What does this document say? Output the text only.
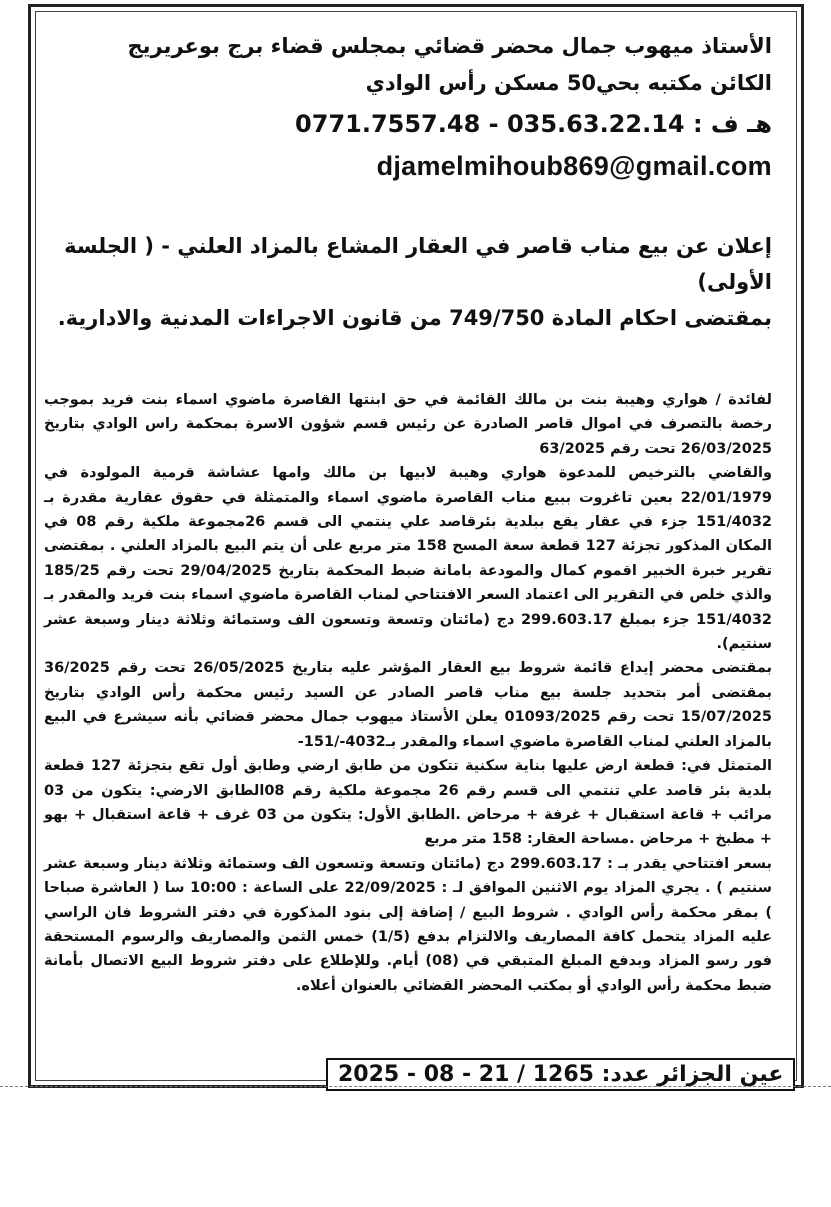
الأستاذ ميهوب جمال محضر قضائي بمجلس قضاء برج بوعريريج
الكائن مكتبه بحي50 مسكن رأس الوادي
هـ ف : 035.63.22.14 - 0771.7557.48
djamelmihoub869@gmail.com
إعلان عن بيع مناب قاصر في العقار المشاع بالمزاد العلني - ( الجلسة الأولى)
بمقتضى احكام المادة 749/750 من قانون الاجراءات المدنية والادارية.

لفائدة / هواري وهيبة بنت بن مالك القائمة في حق ابنتها القاصرة ماضوي اسماء بنت فريد بموجب رخصة بالتصرف في اموال قاصر الصادرة عن رئيس قسم شؤون الاسرة بمحكمة راس الوادي بتاريخ 26/03/2025 تحت رقم 63/2025

والقاضي بالترخيص للمدعوة هواري وهيبة لابيها بن مالك وامها عشاشة قرمية المولودة في 22/01/1979 بعين تاغروت ببيع مناب القاصرة ماضوي اسماء والمتمثلة في حقوق عقارية مقدرة بـ 151/4032 جزء في عقار يقع ببلدية بئرقاصد علي ينتمي الى قسم 26مجموعة ملكية رقم 08 في المكان المذكور تجزئة 127 قطعة سعة المسح 158 متر مربع على أن يتم البيع بالمزاد العلني . بمقتضى تقرير خبرة الخبير اقموم كمال والمودعة بامانة ضبط المحكمة بتاريخ 29/04/2025 تحت رقم 185/25 والذي خلص في التقرير الى اعتماد السعر الافتتاحي لمناب القاصرة ماضوي اسماء بنت فريد والمقدر بـ 151/4032 جزء بمبلغ 299.603.17 دج (مائتان وتسعة وتسعون الف وستمائة وثلاثة دينار وسبعة عشر سنتيم).

بمقتضى محضر إيداع قائمة شروط بيع العقار المؤشر عليه بتاريخ 26/05/2025 تحت رقم 36/2025 بمقتضى أمر بتحديد جلسة بيع مناب قاصر الصادر عن السيد رئيس محكمة رأس الوادي بتاريخ 15/07/2025 تحت رقم 01093/2025 يعلن الأستاذ ميهوب جمال محضر قضائي بأنه سيشرع في البيع بالمزاد العلني لمناب القاصرة ماضوي اسماء والمقدر بـ4032-/151-

المتمثل في: قطعة ارض عليها بناية سكنية تتكون من طابق ارضي وطابق أول تقع بتجزئة 127 قطعة بلدية بئر قاصد علي تنتمي الى قسم رقم 26 مجموعة ملكية رقم 08الطابق الارضي: يتكون من 03 مرائب + قاعة استقبال + غرفة + مرحاض .الطابق الأول: يتكون من 03 غرف + قاعة استقبال + بهو + مطبخ + مرحاض .مساحة العقار: 158 متر مربع

بسعر افتتاحي يقدر بـ : 299.603.17 دج (مائتان وتسعة وتسعون الف وستمائة وثلاثة دينار وسبعة عشر سنتيم ) . يجري المزاد يوم الاثنين الموافق لـ : 22/09/2025 على الساعة : 10:00 سا ( العاشرة صباحا ) بمقر محكمة رأس الوادي . شروط البيع / إضافة إلى بنود المذكورة في دفتر الشروط فان الراسي عليه المزاد يتحمل كافة المصاريف والالتزام بدفع (1/5) خمس الثمن والمصاريف والرسوم المستحقة فور رسو المزاد وبدفع المبلغ المتبقي في (08) أيام. وللإطلاع على دفتر شروط البيع الاتصال بأمانة ضبط محكمة رأس الوادي أو بمكتب المحضر القضائي بالعنوان أعلاه.

عين الجزائر عدد: 1265 / 21 - 08 - 2025
